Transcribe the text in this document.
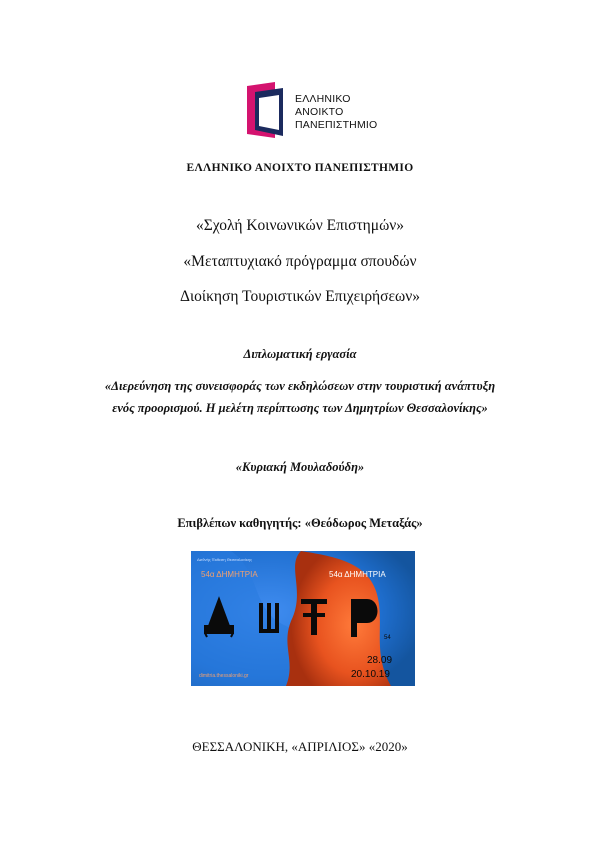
ΕΛΛΗΝΙΚΟ
ΑΝΟΙΚΤΟ
ΠΑΝΕΠΙΣΤΗΜΙΟ
ΕΛΛΗΝΙΚΟ ΑΝΟΙΧΤΟ ΠΑΝΕΠΙΣΤΗΜΙΟ
«Σχολή Κοινωνικών Επιστημών»
«Μεταπτυχιακό πρόγραμμα σπουδών
Διοίκηση Τουριστικών Επιχειρήσεων»
Διπλωματική εργασία
«Διερεύνηση της συνεισφοράς των εκδηλώσεων στην τουριστική ανάπτυξη
ενός προορισμού. Η μελέτη περίπτωσης των Δημητρίων Θεσσαλονίκης»
«Κυριακή Μουλαδούδη»
Επιβλέπων καθηγητής: «Θεόδωρος Μεταξάς»
Διεθνής Έκθεση Θεσσαλονίκης
54α ΔΗΜΗΤΡΙΑ	54α ΔΗΜΗΤΡΙΑ
54
28.09
20.10.19
dimitria.thessaloniki.gr
ΘΕΣΣΑΛΟΝΙΚΗ, «ΑΠΡΙΛΙΟΣ» «2020»
